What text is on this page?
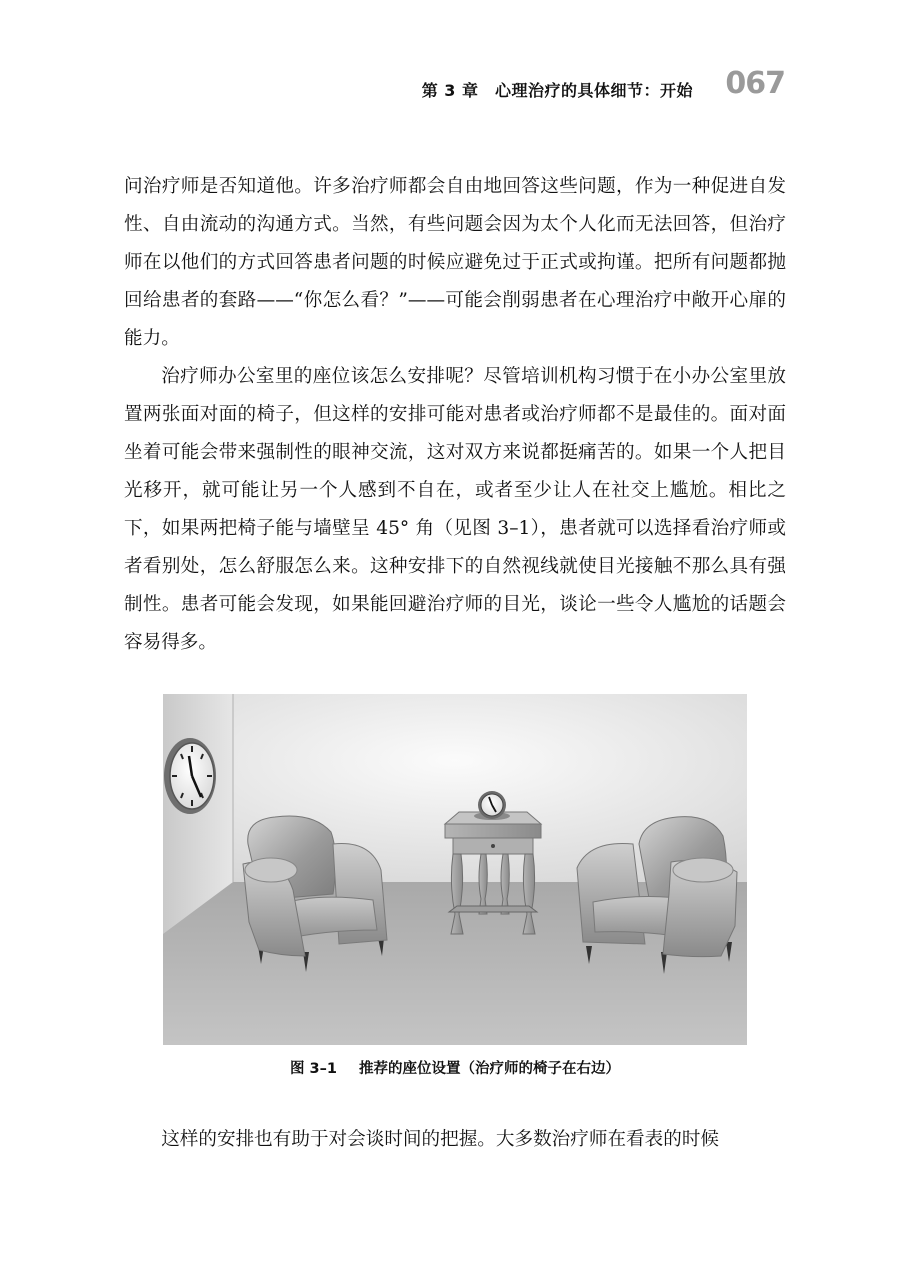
第 3 章　心理治疗的具体细节：开始 067

问治疗师是否知道他。许多治疗师都会自由地回答这些问题，作为一种促进自发性、自由流动的沟通方式。当然，有些问题会因为太个人化而无法回答，但治疗师在以他们的方式回答患者问题的时候应避免过于正式或拘谨。把所有问题都抛回给患者的套路——“你怎么看？”——可能会削弱患者在心理治疗中敞开心扉的能力。

治疗师办公室里的座位该怎么安排呢？尽管培训机构习惯于在小办公室里放置两张面对面的椅子，但这样的安排可能对患者或治疗师都不是最佳的。面对面坐着可能会带来强制性的眼神交流，这对双方来说都挺痛苦的。如果一个人把目光移开，就可能让另一个人感到不自在，或者至少让人在社交上尴尬。相比之下，如果两把椅子能与墙壁呈 45° 角（见图 3–1），患者就可以选择看治疗师或者看别处，怎么舒服怎么来。这种安排下的自然视线就使目光接触不那么具有强制性。患者可能会发现，如果能回避治疗师的目光，谈论一些令人尴尬的话题会容易得多。

图 3–1 推荐的座位设置（治疗师的椅子在右边）

这样的安排也有助于对会谈时间的把握。大多数治疗师在看表的时候
